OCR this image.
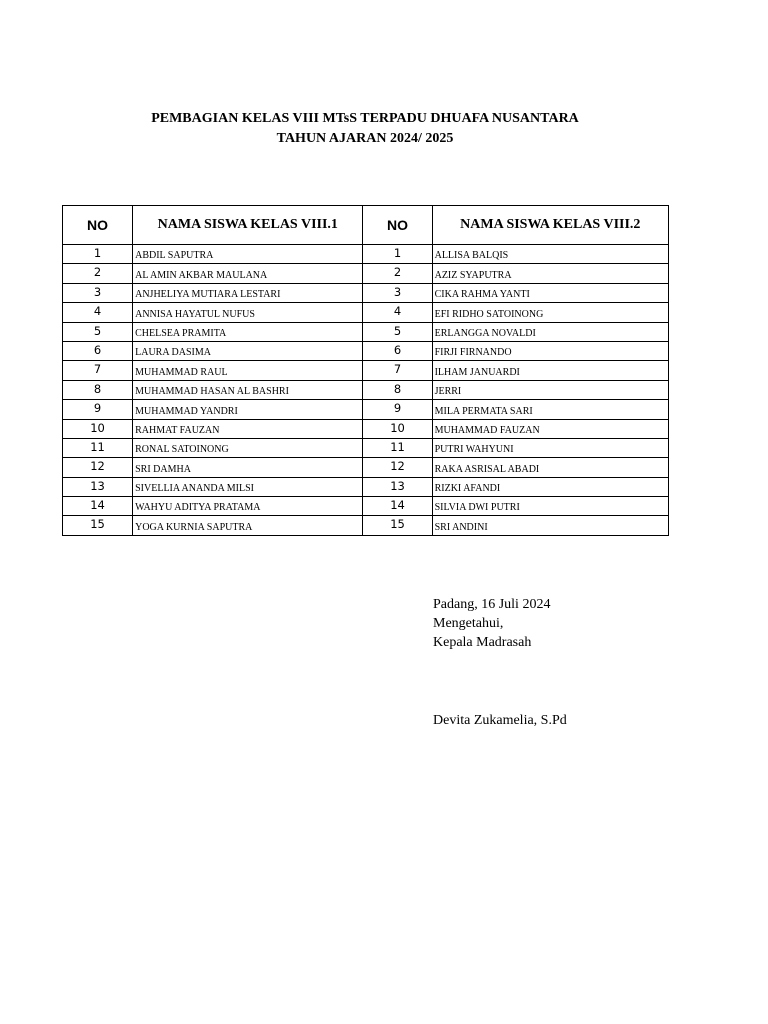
PEMBAGIAN KELAS VIII MTsS TERPADU DHUAFA NUSANTARA
TAHUN AJARAN 2024/ 2025
NO	NAMA SISWA KELAS VIII.1	NO	NAMA SISWA KELAS VIII.2
1	ABDIL SAPUTRA	1	ALLISA BALQIS
2	AL AMIN AKBAR MAULANA	2	AZIZ SYAPUTRA
3	ANJHELIYA MUTIARA LESTARI	3	CIKA RAHMA YANTI
4	ANNISA HAYATUL NUFUS	4	EFI RIDHO SATOINONG
5	CHELSEA PRAMITA	5	ERLANGGA NOVALDI
6	LAURA DASIMA	6	FIRJI FIRNANDO
7	MUHAMMAD RAUL	7	ILHAM JANUARDI
8	MUHAMMAD HASAN AL BASHRI	8	JERRI
9	MUHAMMAD YANDRI	9	MILA PERMATA SARI
10	RAHMAT FAUZAN	10	MUHAMMAD FAUZAN
11	RONAL SATOINONG	11	PUTRI WAHYUNI
12	SRI DAMHA	12	RAKA ASRISAL ABADI
13	SIVELLIA ANANDA MILSI	13	RIZKI AFANDI
14	WAHYU ADITYA PRATAMA	14	SILVIA DWI PUTRI
15	YOGA KURNIA SAPUTRA	15	SRI ANDINI
Padang, 16 Juli 2024
Mengetahui,
Kepala Madrasah
Devita Zukamelia, S.Pd
